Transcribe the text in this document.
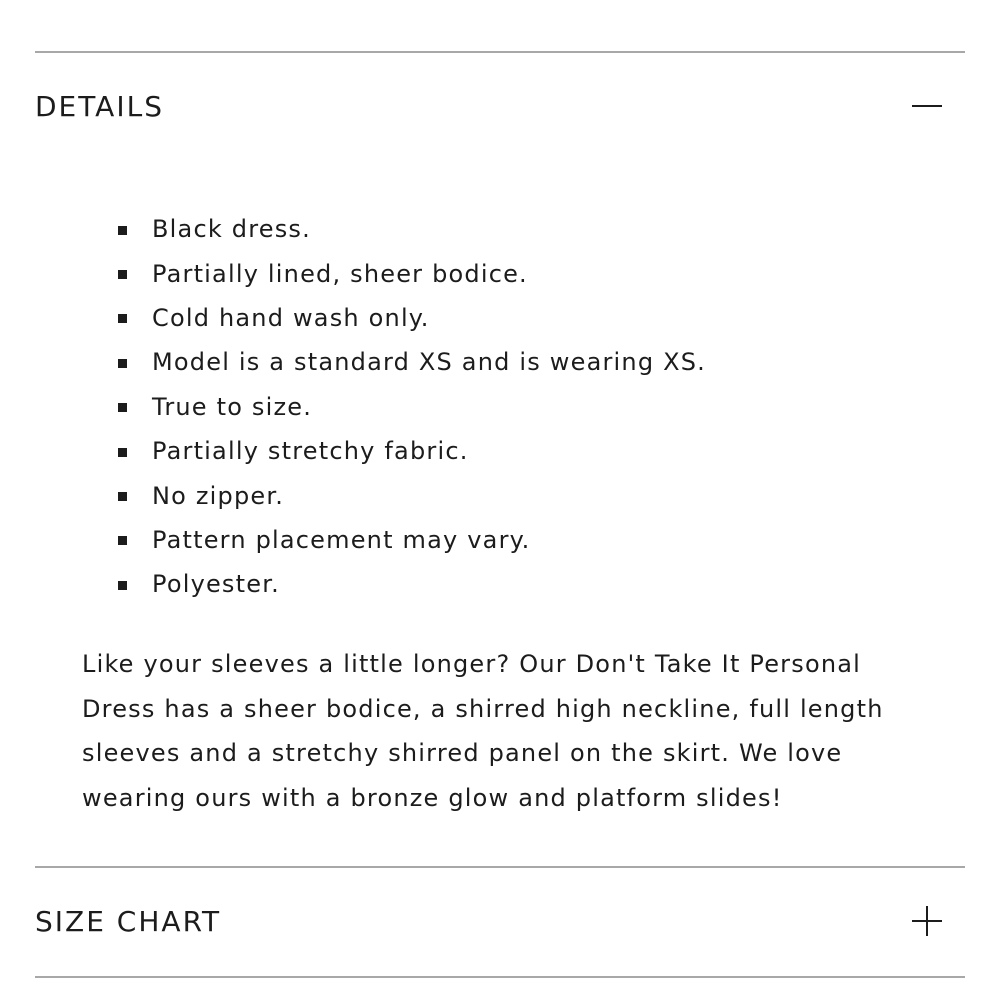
DETAILS
Black dress.
Partially lined, sheer bodice.
Cold hand wash only.
Model is a standard XS and is wearing XS.
True to size.
Partially stretchy fabric.
No zipper.
Pattern placement may vary.
Polyester.

Like your sleeves a little longer? Our Don't Take It Personal Dress has a sheer bodice, a shirred high neckline, full length sleeves and a stretchy shirred panel on the skirt. We love wearing ours with a bronze glow and platform slides!

SIZE CHART
